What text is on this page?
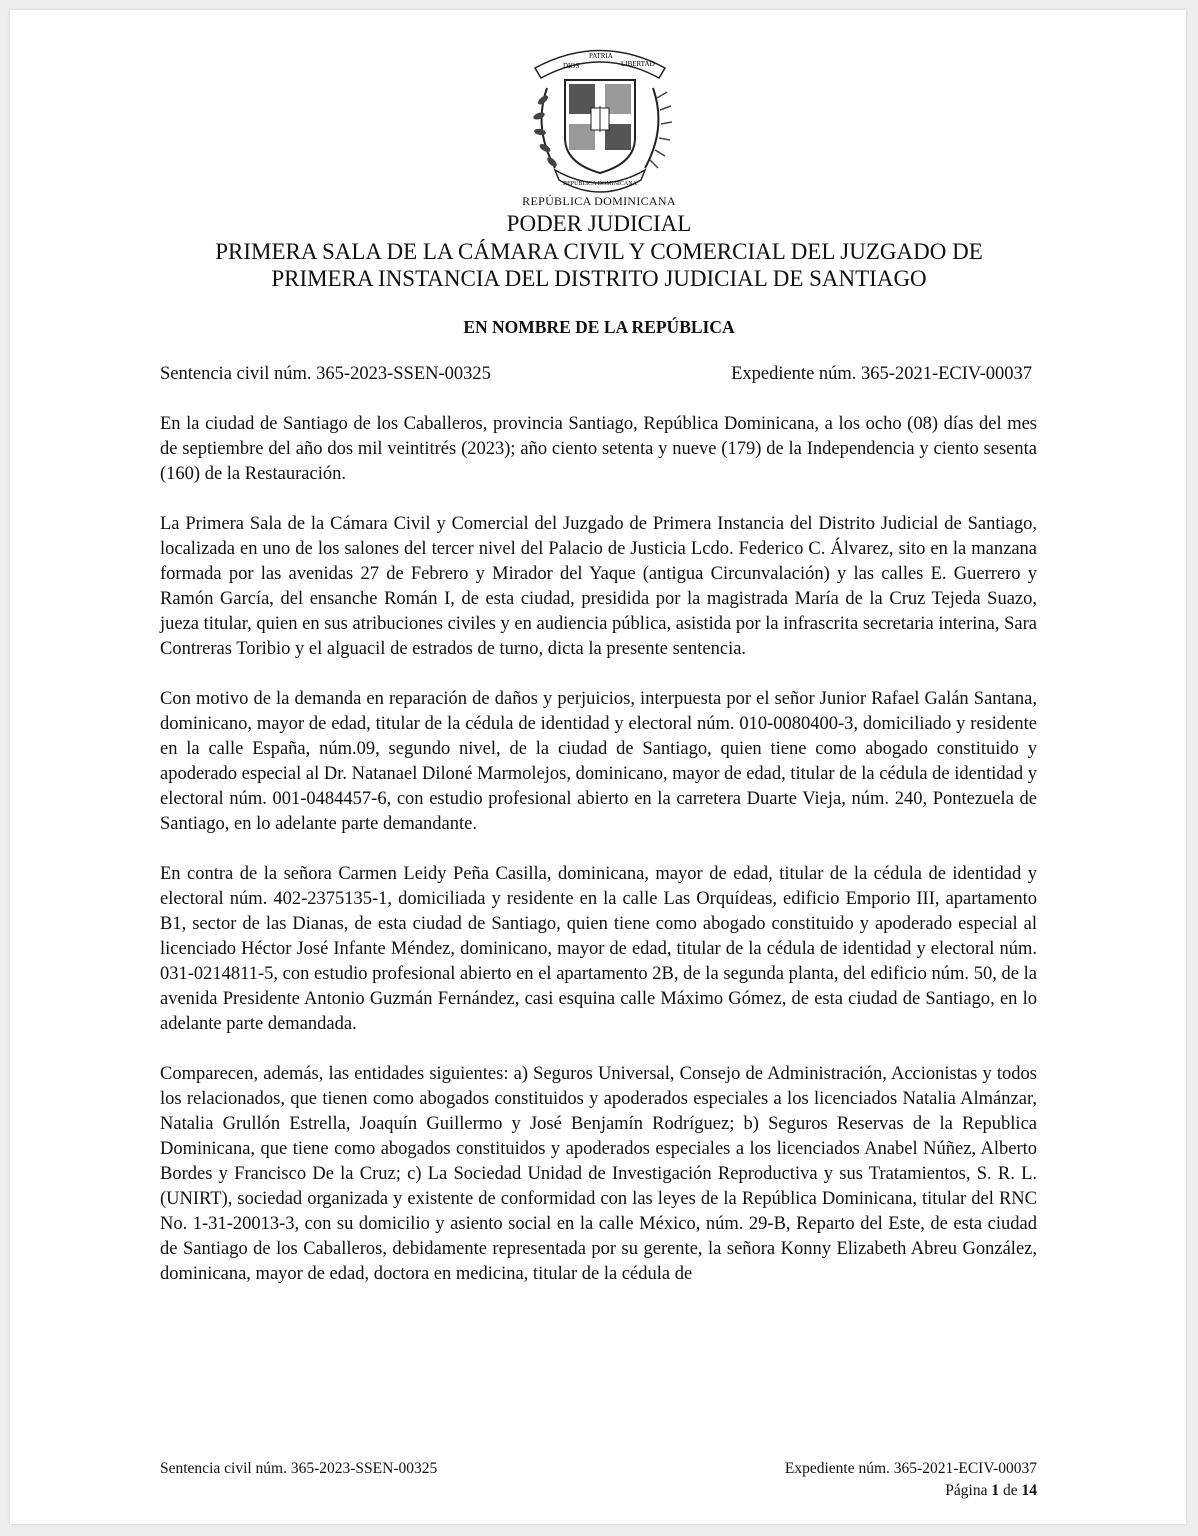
DIOS
PATRIA
LIBERTAD
REPÚBLICA DOMINICANA
REPÚBLICA DOMINICANA
PODER JUDICIAL
PRIMERA SALA DE LA CÁMARA CIVIL Y COMERCIAL DEL JUZGADO DE
PRIMERA INSTANCIA DEL DISTRITO JUDICIAL DE SANTIAGO
EN NOMBRE DE LA REPÚBLICA
Sentencia civil núm. 365-2023-SSEN-00325	Expediente núm. 365-2021-ECIV-00037

En la ciudad de Santiago de los Caballeros, provincia Santiago, República Dominicana, a los ocho (08) días del mes de septiembre del año dos mil veintitrés (2023); año ciento setenta y nueve (179) de la Independencia y ciento sesenta (160) de la Restauración.

La Primera Sala de la Cámara Civil y Comercial del Juzgado de Primera Instancia del Distrito Judicial de Santiago, localizada en uno de los salones del tercer nivel del Palacio de Justicia Lcdo. Federico C. Álvarez, sito en la manzana formada por las avenidas 27 de Febrero y Mirador del Yaque (antigua Circunvalación) y las calles E. Guerrero y Ramón García, del ensanche Román I, de esta ciudad, presidida por la magistrada María de la Cruz Tejeda Suazo, jueza titular, quien en sus atribuciones civiles y en audiencia pública, asistida por la infrascrita secretaria interina, Sara Contreras Toribio y el alguacil de estrados de turno, dicta la presente sentencia.

Con motivo de la demanda en reparación de daños y perjuicios, interpuesta por el señor Junior Rafael Galán Santana, dominicano, mayor de edad, titular de la cédula de identidad y electoral núm. 010-0080400-3, domiciliado y residente en la calle España, núm.09, segundo nivel, de la ciudad de Santiago, quien tiene como abogado constituido y apoderado especial al Dr. Natanael Diloné Marmolejos, dominicano, mayor de edad, titular de la cédula de identidad y electoral núm. 001-0484457-6, con estudio profesional abierto en la carretera Duarte Vieja, núm. 240, Pontezuela de Santiago, en lo adelante parte demandante.

En contra de la señora Carmen Leidy Peña Casilla, dominicana, mayor de edad, titular de la cédula de identidad y electoral núm. 402-2375135-1, domiciliada y residente en la calle Las Orquídeas, edificio Emporio III, apartamento B1, sector de las Dianas, de esta ciudad de Santiago, quien tiene como abogado constituido y apoderado especial al licenciado Héctor José Infante Méndez, dominicano, mayor de edad, titular de la cédula de identidad y electoral núm. 031-0214811-5, con estudio profesional abierto en el apartamento 2B, de la segunda planta, del edificio núm. 50, de la avenida Presidente Antonio Guzmán Fernández, casi esquina calle Máximo Gómez, de esta ciudad de Santiago, en lo adelante parte demandada.

Comparecen, además, las entidades siguientes: a) Seguros Universal, Consejo de Administración, Accionistas y todos los relacionados, que tienen como abogados constituidos y apoderados especiales a los licenciados Natalia Almánzar, Natalia Grullón Estrella, Joaquín Guillermo y José Benjamín Rodríguez; b) Seguros Reservas de la Republica Dominicana, que tiene como abogados constituidos y apoderados especiales a los licenciados Anabel Núñez, Alberto Bordes y Francisco De la Cruz; c) La Sociedad Unidad de Investigación Reproductiva y sus Tratamientos, S. R. L. (UNIRT), sociedad organizada y existente de conformidad con las leyes de la República Dominicana, titular del RNC No. 1-31-20013-3, con su domicilio y asiento social en la calle México, núm. 29-B, Reparto del Este, de esta ciudad de Santiago de los Caballeros, debidamente representada por su gerente, la señora Konny Elizabeth Abreu González, dominicana, mayor de edad, doctora en medicina, titular de la cédula de

Sentencia civil núm. 365-2023-SSEN-00325	Expediente núm. 365-2021-ECIV-00037
Página 1 de 14
